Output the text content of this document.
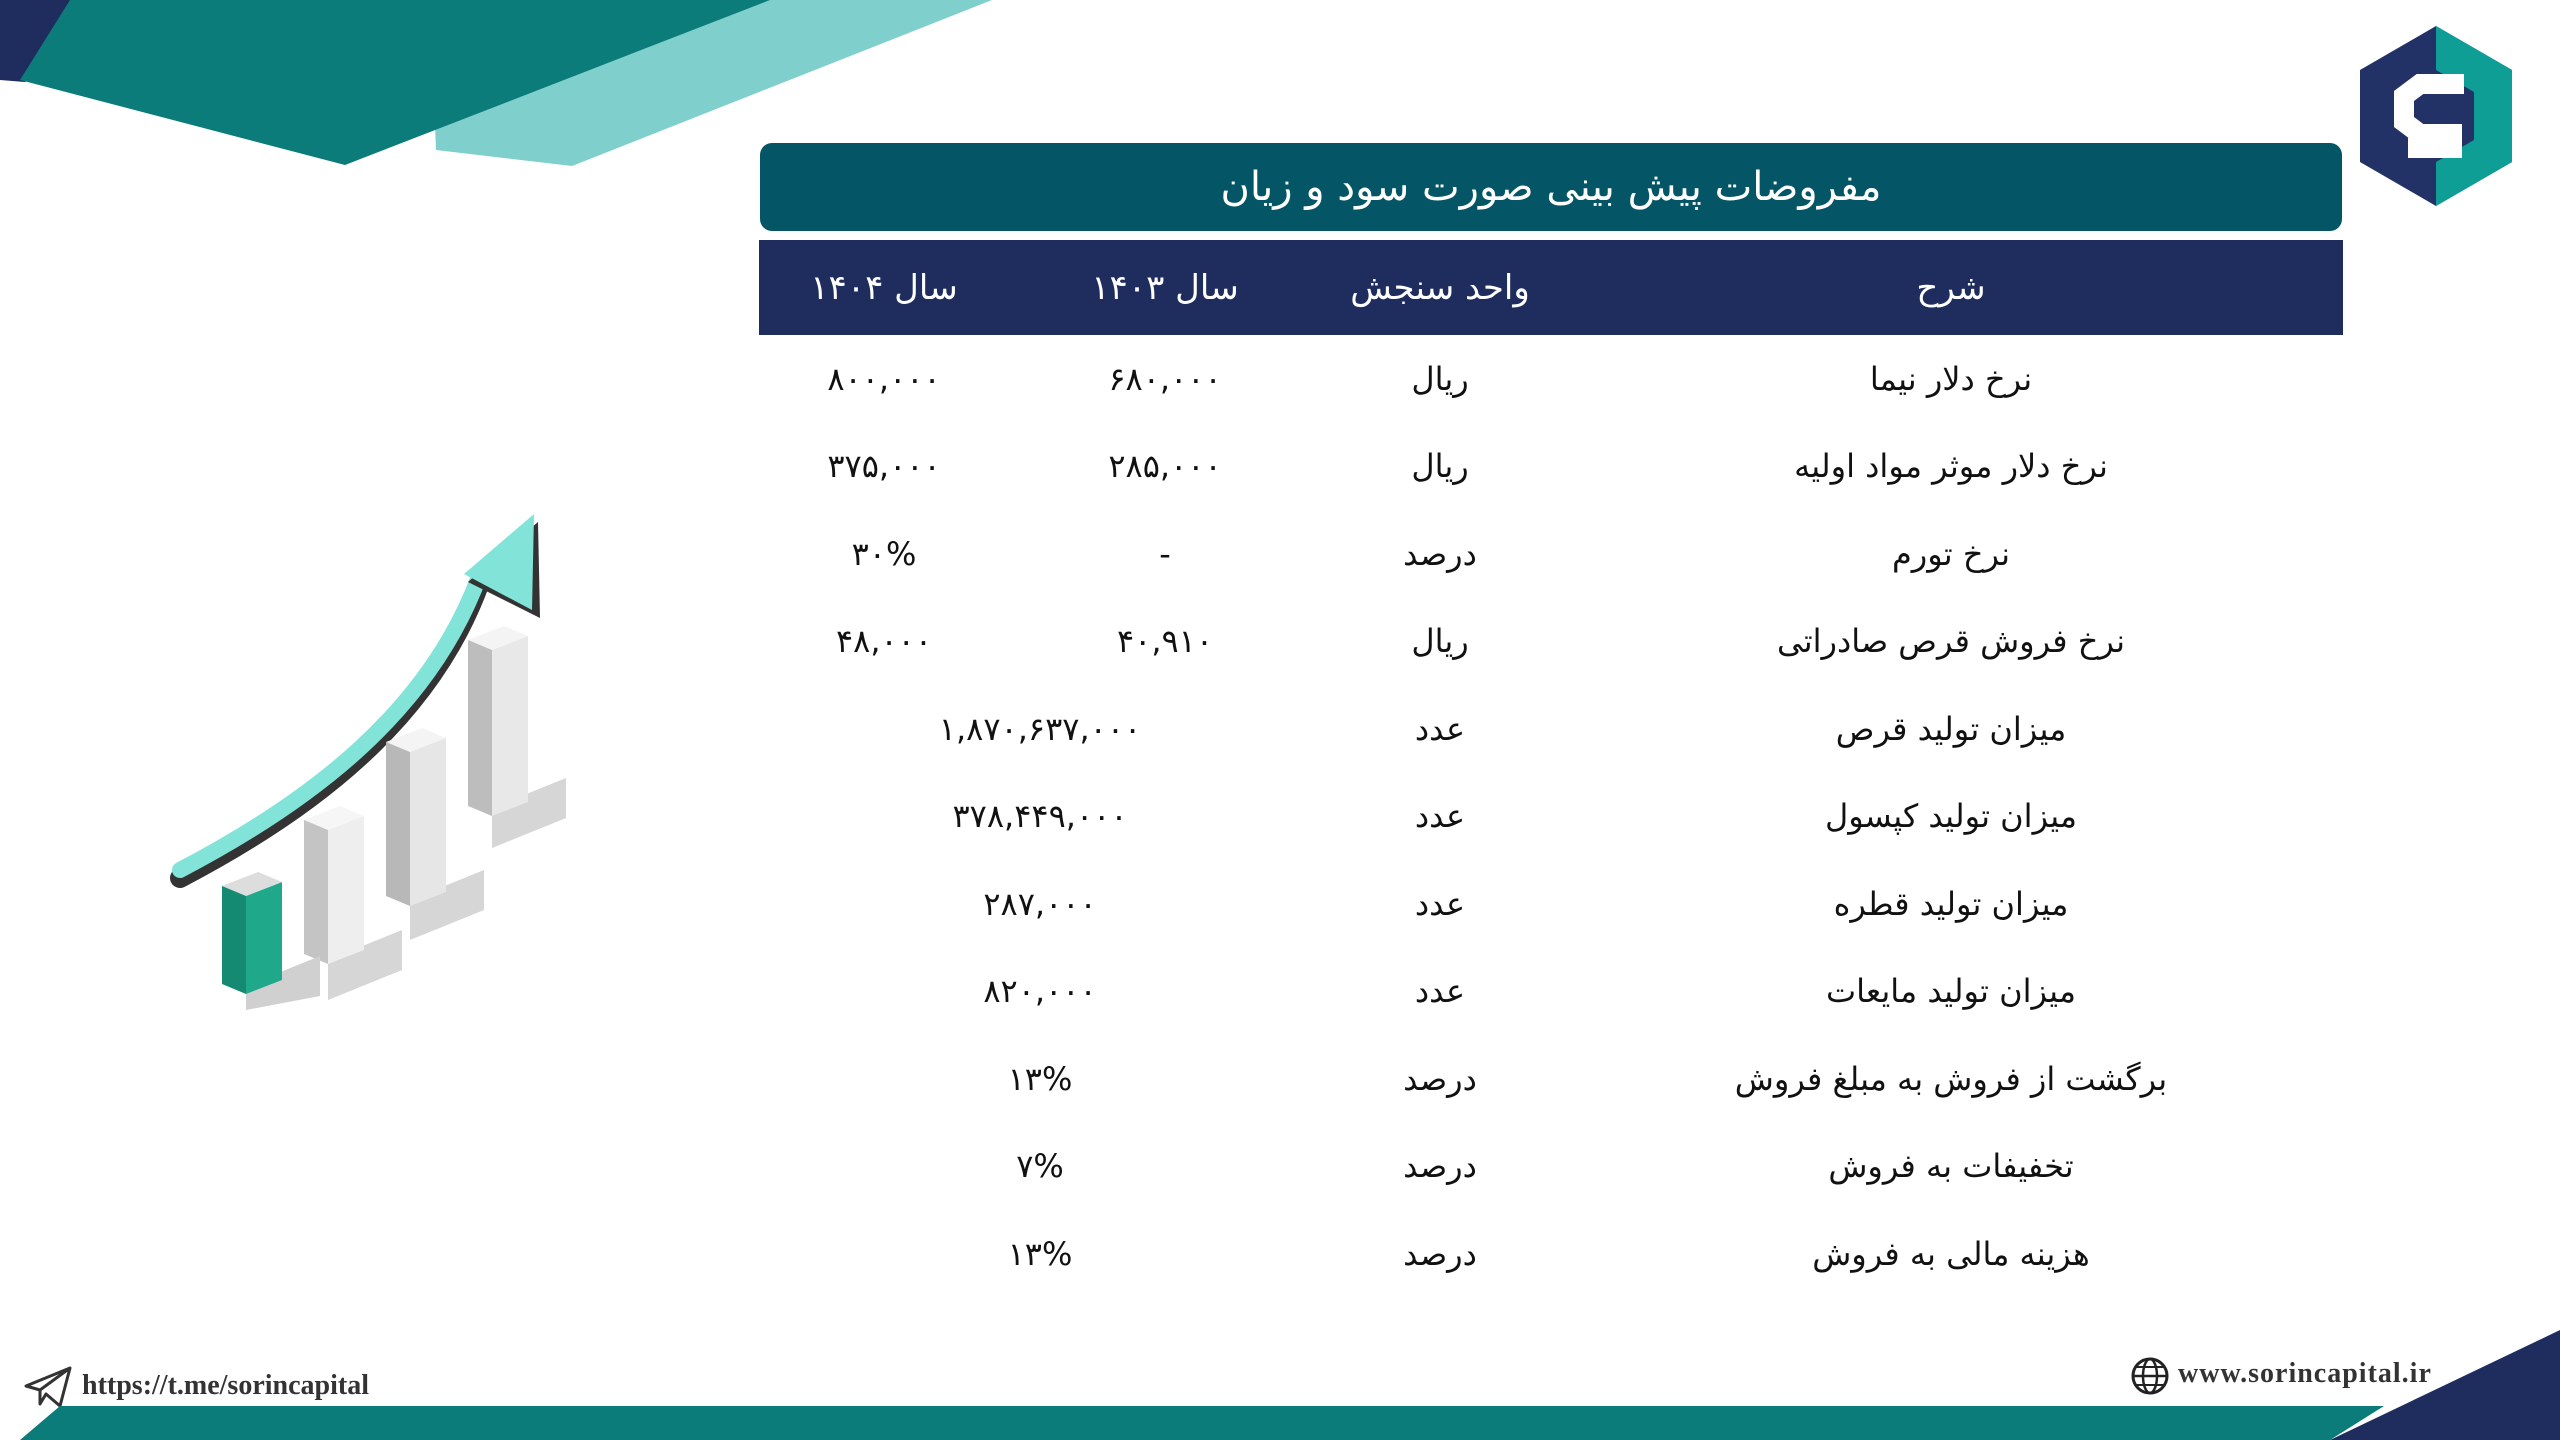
مفروضات پیش بینی صورت سود و زیان
شرح
واحد سنجش
سال ۱۴۰۳
سال ۱۴۰۴
نرخ دلار نیما
ریال
۶۸۰,۰۰۰
۸۰۰,۰۰۰
نرخ دلار موثر مواد اولیه
ریال
۲۸۵,۰۰۰
۳۷۵,۰۰۰
نرخ تورم
درصد
-
۳۰%
نرخ فروش قرص صادراتی
ریال
۴۰,۹۱۰
۴۸,۰۰۰
میزان تولید قرص
عدد
۱,۸۷۰,۶۳۷,۰۰۰
میزان تولید کپسول
عدد
۳۷۸,۴۴۹,۰۰۰
میزان تولید قطره
عدد
۲۸۷,۰۰۰
میزان تولید مایعات
عدد
۸۲۰,۰۰۰
برگشت از فروش به مبلغ فروش
درصد
۱۳%
تخفیفات به فروش
درصد
۷%
هزینه مالی به فروش
درصد
۱۳%
https://t.me/sorincapital	www.sorincapital.ir
